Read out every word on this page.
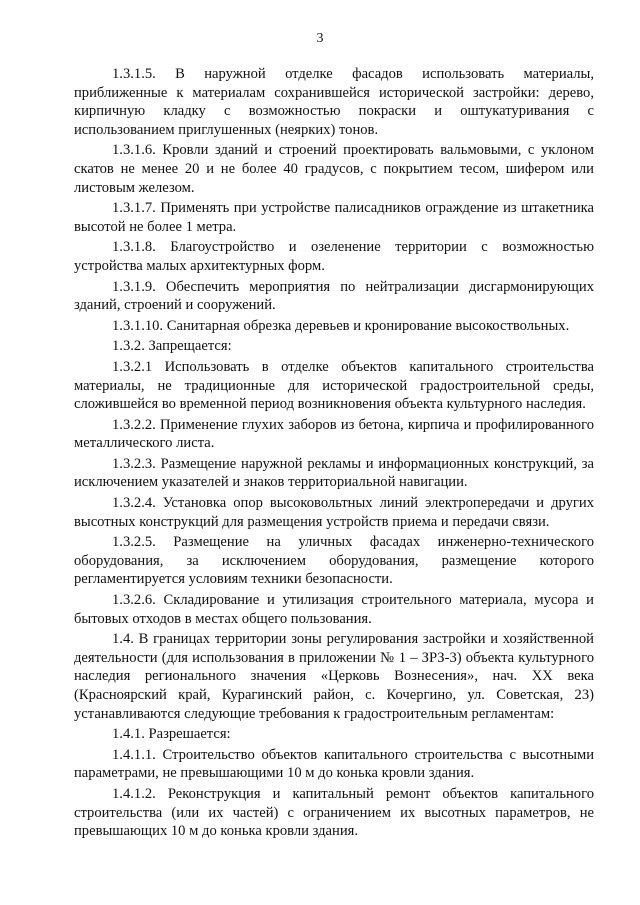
3

1.3.1.5. В наружной отделке фасадов использовать материалы, приближенные к материалам сохранившейся исторической застройки: дерево, кирпичную кладку с возможностью покраски и оштукатуривания с использованием приглушенных (неярких) тонов.

1.3.1.6. Кровли зданий и строений проектировать вальмовыми, с уклоном скатов не менее 20 и не более 40 градусов, с покрытием тесом, шифером или листовым железом.

1.3.1.7. Применять при устройстве палисадников ограждение из штакетника высотой не более 1 метра.

1.3.1.8. Благоустройство и озеленение территории с возможностью устройства малых архитектурных форм.

1.3.1.9. Обеспечить мероприятия по нейтрализации дисгармонирующих зданий, строений и сооружений.

1.3.1.10. Санитарная обрезка деревьев и кронирование высокоствольных.

1.3.2. Запрещается:

1.3.2.1 Использовать в отделке объектов капитального строительства материалы, не традиционные для исторической градостроительной среды, сложившейся во временной период возникновения объекта культурного наследия.

1.3.2.2. Применение глухих заборов из бетона, кирпича и профилированного металлического листа.

1.3.2.3. Размещение наружной рекламы и информационных конструкций, за исключением указателей и знаков территориальной навигации.

1.3.2.4. Установка опор высоковольтных линий электропередачи и других высотных конструкций для размещения устройств приема и передачи связи.

1.3.2.5. Размещение на уличных фасадах инженерно-технического оборудования, за исключением оборудования, размещение которого регламентируется условиям техники безопасности.

1.3.2.6. Складирование и утилизация строительного материала, мусора и бытовых отходов в местах общего пользования.

1.4. В границах территории зоны регулирования застройки и хозяйственной деятельности (для использования в приложении № 1 – ЗРЗ-3) объекта культурного наследия регионального значения «Церковь Вознесения», нач. XX века (Красноярский край, Курагинский район, с. Кочергино, ул. Советская, 23) устанавливаются следующие требования к градостроительным регламентам:

1.4.1. Разрешается:

1.4.1.1. Строительство объектов капитального строительства с высотными параметрами, не превышающими 10 м до конька кровли здания.

1.4.1.2. Реконструкция и капитальный ремонт объектов капитального строительства (или их частей) с ограничением их высотных параметров, не превышающих 10 м до конька кровли здания.
